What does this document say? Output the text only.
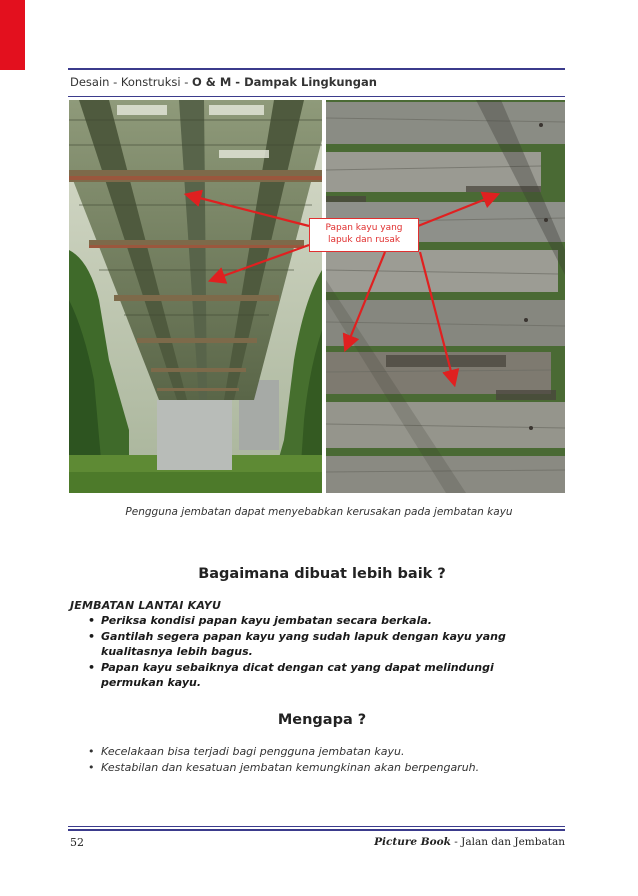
Desain - Konstruksi - O & M - Dampak Lingkungan
Papan kayu yang
lapuk dan rusak
Pengguna jembatan dapat menyebabkan kerusakan pada jembatan kayu
Bagaimana dibuat lebih baik ?
JEMBATAN LANTAI KAYU
• Periksa kondisi papan kayu jembatan secara berkala.
• Gantilah segera papan kayu yang sudah lapuk dengan kayu yang kualitasnya lebih bagus.
• Papan kayu sebaiknya dicat dengan cat yang dapat melindungi permukan kayu.
Mengapa ?
• Kecelakaan bisa terjadi bagi pengguna jembatan kayu.
• Kestabilan dan kesatuan jembatan kemungkinan akan berpengaruh.
52	Picture Book - Jalan dan Jembatan
